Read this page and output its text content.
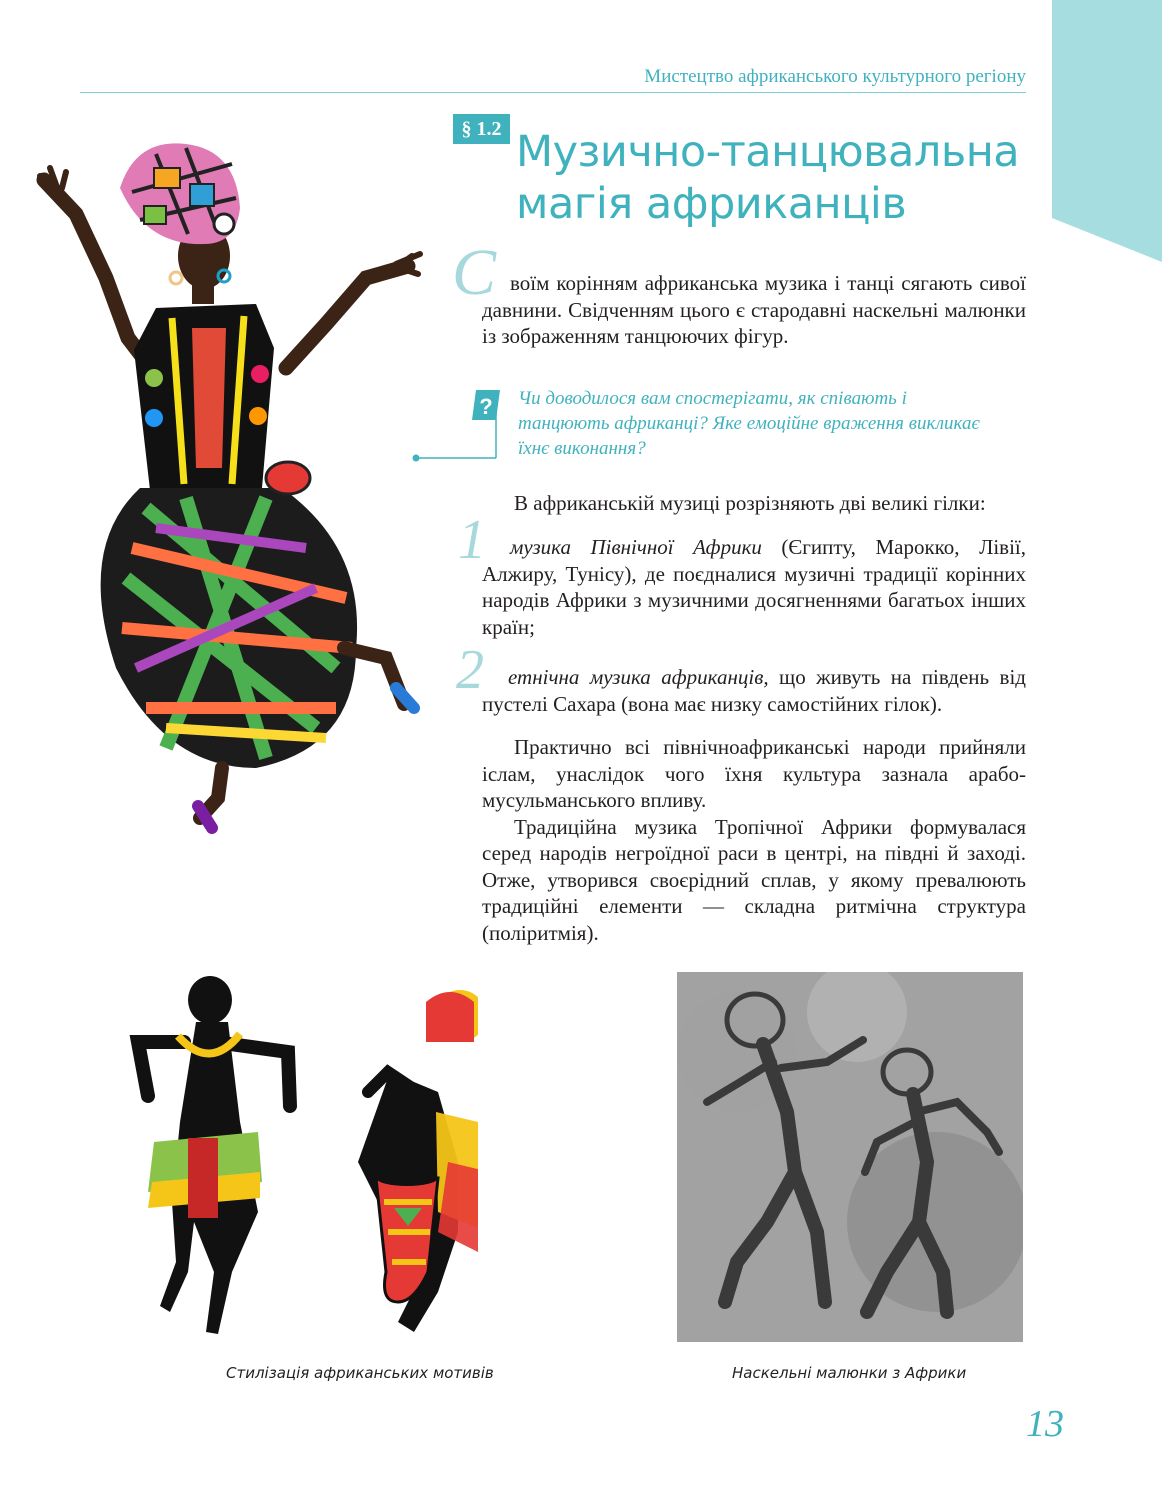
Мистецтво африканського культурного регіону
§ 1.2 Музично-танцювальна магія африканців
С воїм корінням африканська музика і танці сягають сивої давнини. Свідченням цього є стародавні наскельні малюнки із зображенням танцюючих фігур.

? Чи доводилося вам спостерігати, як співають і танцюють африканці? Яке емоційне враження викликає їхнє виконання?

В африканській музиці розрізняють дві великі гілки:

1	музика Північної Африки (Єгипту, Марокко, Лівії, Алжиру, Тунісу), де поєдналися музичні традиції корінних народів Африки з музичними досягненнями багатьох інших країн;

2	етнічна музика африканців, що живуть на південь від пустелі Сахара (вона має низку самостійних гілок).

Практично всі північноафриканські народи прийняли іслам, унаслідок чого їхня культура зазнала арабо-мусульманського впливу.

Традиційна музика Тропічної Африки формувалася серед народів негроїдної раси в центрі, на півдні й заході. Отже, утворився своєрідний сплав, у якому превалюють традиційні елементи — складна ритмічна структура (поліритмія).

Стилізація африканських мотивів	Наскельні малюнки з Африки
13
